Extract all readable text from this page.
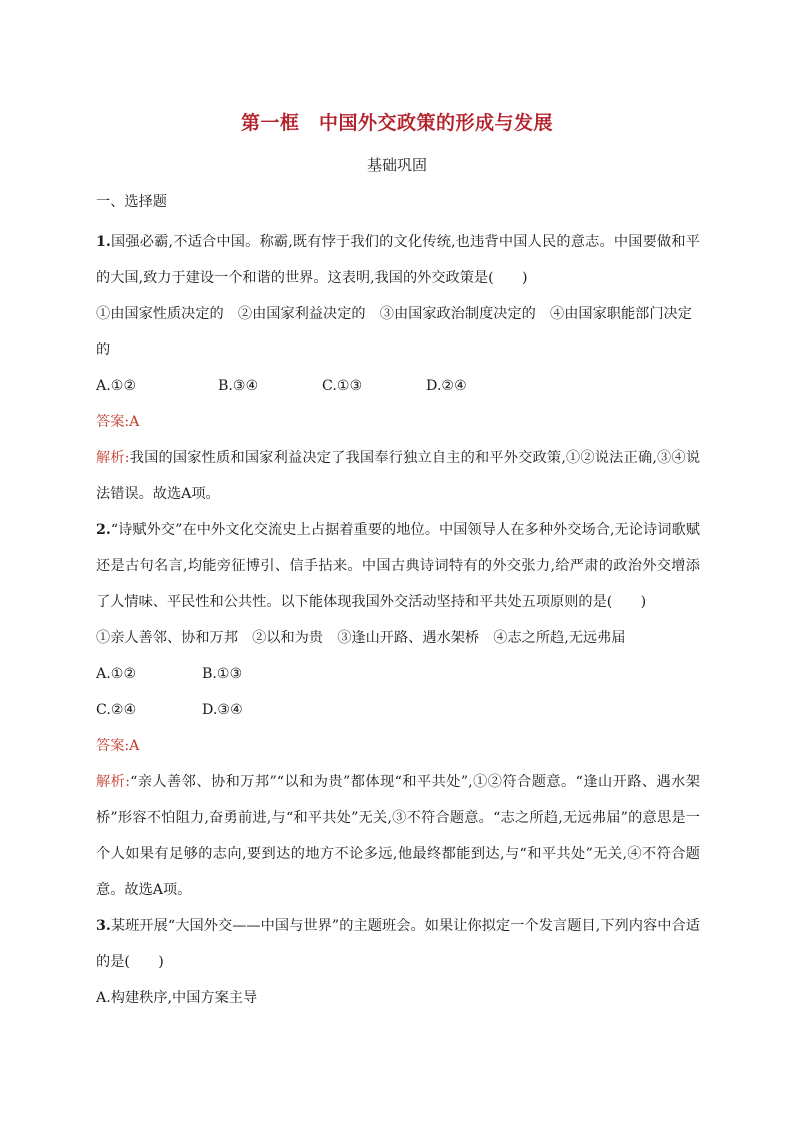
第一框　中国外交政策的形成与发展
基础巩固
一、选择题
1.国强必霸,不适合中国。称霸,既有悖于我们的文化传统,也违背中国人民的意志。中国要做和平的大国,致力于建设一个和谐的世界。这表明,我国的外交政策是(　　)
①由国家性质决定的　②由国家利益决定的　③由国家政治制度决定的　④由国家职能部门决定
的
A.①②	B.③④	C.①③	D.②④
答案:A
解析:我国的国家性质和国家利益决定了我国奉行独立自主的和平外交政策,①②说法正确,③④说法错误。故选A项。
2.“诗赋外交”在中外文化交流史上占据着重要的地位。中国领导人在多种外交场合,无论诗词歌赋还是古句名言,均能旁征博引、信手拈来。中国古典诗词特有的外交张力,给严肃的政治外交增添了人情味、平民性和公共性。以下能体现我国外交活动坚持和平共处五项原则的是(　　)
①亲人善邻、协和万邦　②以和为贵　③逢山开路、遇水架桥　④志之所趋,无远弗届
A.①②	B.①③
C.②④	D.③④
答案:A
解析:“亲人善邻、协和万邦”“以和为贵”都体现“和平共处”,①②符合题意。“逢山开路、遇水架桥”形容不怕阻力,奋勇前进,与“和平共处”无关,③不符合题意。“志之所趋,无远弗届”的意思是一个人如果有足够的志向,要到达的地方不论多远,他最终都能到达,与“和平共处”无关,④不符合题意。故选A项。
3.某班开展“大国外交——中国与世界”的主题班会。如果让你拟定一个发言题目,下列内容中合适的是(　　)
A.构建秩序,中国方案主导
